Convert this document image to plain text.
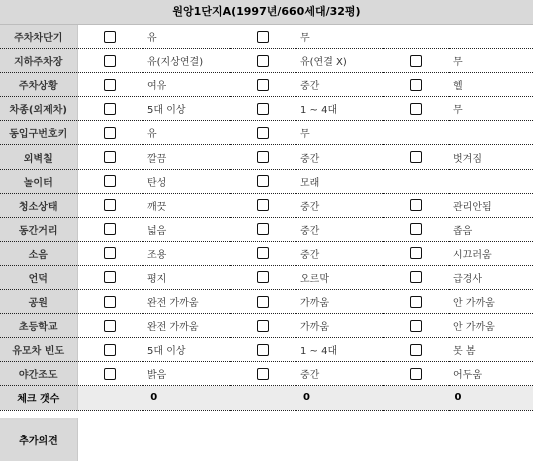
원앙1단지A(1997년/660세대/32평)
주차차단기		유		무		
지하주차장		유(지상연결)		유(연결 X)		무
주차상황		여유		중간		헬
차종(외제차)		5대 이상		1 ~ 4대		무
동입구번호키		유		무		
외벽칠		깔끔		중간		벗겨짐
놀이터		탄성		모래		
청소상태		깨끗		중간		관리안됨
동간거리		넓음		중간		좁음
소음		조용		중간		시끄러움
언덕		평지		오르막		급경사
공원		완전 가까움		가까움		안 가까움
초등학교		완전 가까움		가까움		안 가까움
유모차 빈도		5대 이상		1 ~ 4대		못 봄
야간조도		밝음		중간		어두움
체크 갯수	0		0		0	
추가의견
